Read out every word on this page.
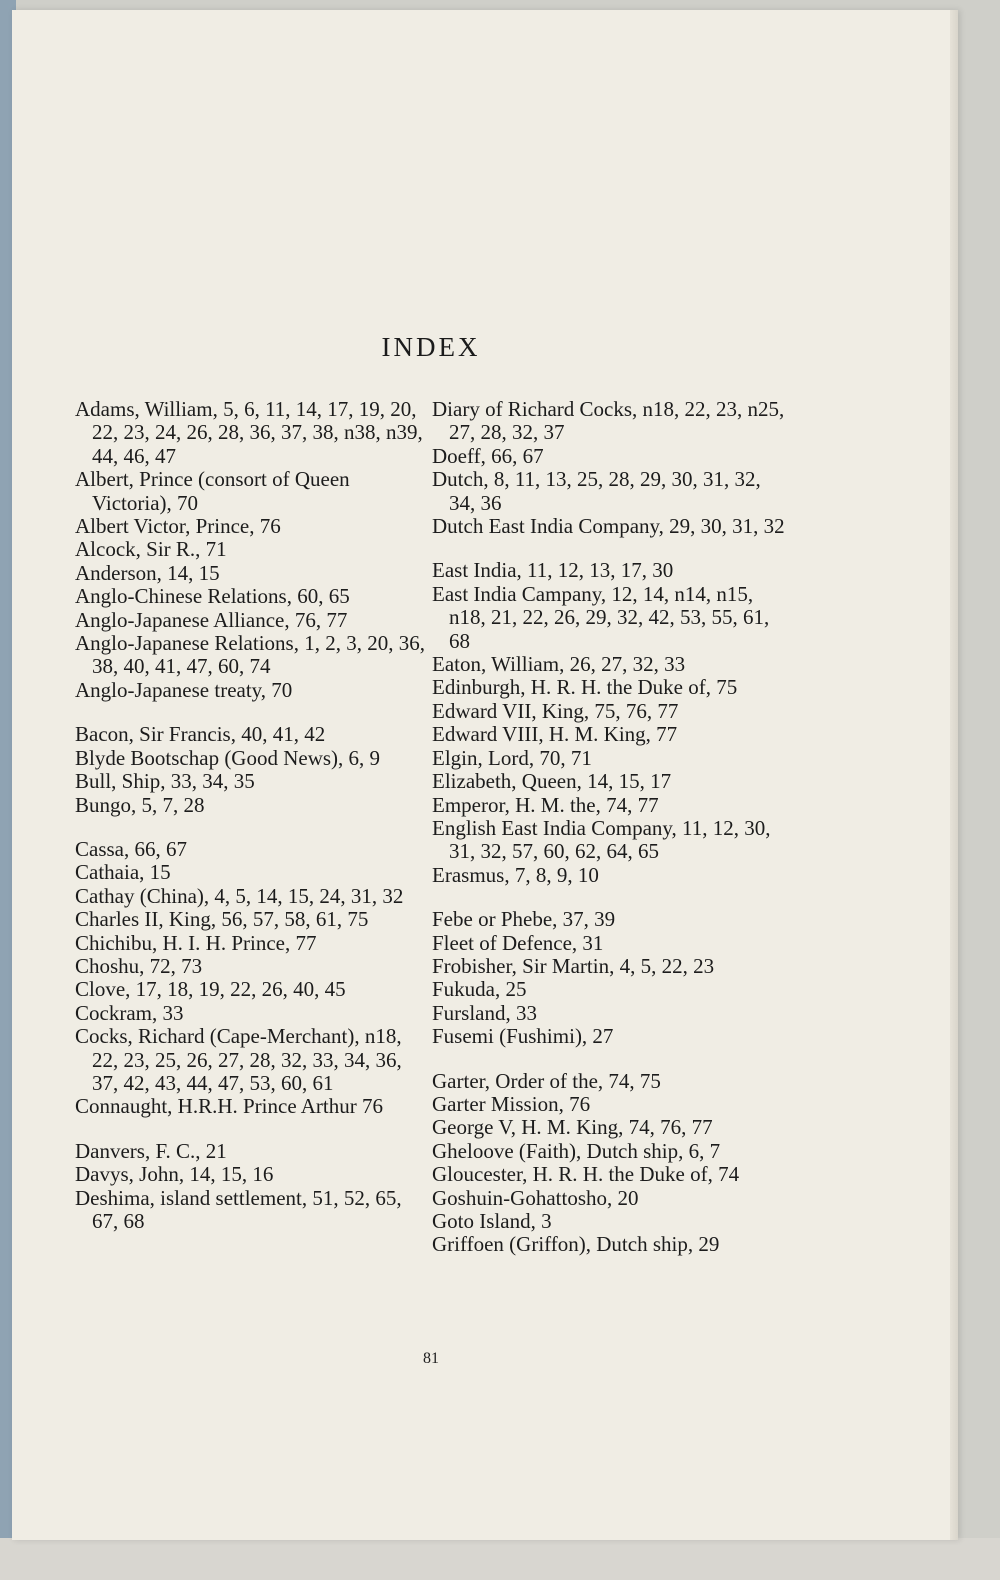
INDEX

Adams, William, 5, 6, 11, 14, 17, 19, 20, 22, 23, 24, 26, 28, 36, 37, 38, n38, n39, 44, 46, 47

Albert, Prince (consort of Queen Victoria), 70

Albert Victor, Prince, 76

Alcock, Sir R., 71

Anderson, 14, 15

Anglo-Chinese Relations, 60, 65

Anglo-Japanese Alliance, 76, 77

Anglo-Japanese Relations, 1, 2, 3, 20, 36, 38, 40, 41, 47, 60, 74

Anglo-Japanese treaty, 70

Bacon, Sir Francis, 40, 41, 42

Blyde Bootschap (Good News), 6, 9

Bull, Ship, 33, 34, 35

Bungo, 5, 7, 28

Cassa, 66, 67

Cathaia, 15

Cathay (China), 4, 5, 14, 15, 24, 31, 32

Charles II, King, 56, 57, 58, 61, 75

Chichibu, H. I. H. Prince, 77

Choshu, 72, 73

Clove, 17, 18, 19, 22, 26, 40, 45

Cockram, 33

Cocks, Richard (Cape-Merchant), n18, 22, 23, 25, 26, 27, 28, 32, 33, 34, 36, 37, 42, 43, 44, 47, 53, 60, 61

Connaught, H.R.H. Prince Arthur 76

Danvers, F. C., 21

Davys, John, 14, 15, 16

Deshima, island settlement, 51, 52, 65, 67, 68

Diary of Richard Cocks, n18, 22, 23, n25, 27, 28, 32, 37

Doeff, 66, 67

Dutch, 8, 11, 13, 25, 28, 29, 30, 31, 32, 34, 36

Dutch East India Company, 29, 30, 31, 32

East India, 11, 12, 13, 17, 30

East India Campany, 12, 14, n14, n15, n18, 21, 22, 26, 29, 32, 42, 53, 55, 61, 68

Eaton, William, 26, 27, 32, 33

Edinburgh, H. R. H. the Duke of, 75

Edward VII, King, 75, 76, 77

Edward VIII, H. M. King, 77

Elgin, Lord, 70, 71

Elizabeth, Queen, 14, 15, 17

Emperor, H. M. the, 74, 77

English East India Company, 11, 12, 30, 31, 32, 57, 60, 62, 64, 65

Erasmus, 7, 8, 9, 10

Febe or Phebe, 37, 39

Fleet of Defence, 31

Frobisher, Sir Martin, 4, 5, 22, 23

Fukuda, 25

Fursland, 33

Fusemi (Fushimi), 27

Garter, Order of the, 74, 75

Garter Mission, 76

George V, H. M. King, 74, 76, 77

Gheloove (Faith), Dutch ship, 6, 7

Gloucester, H. R. H. the Duke of, 74

Goshuin-Gohattosho, 20

Goto Island, 3

Griffoen (Griffon), Dutch ship, 29

81
